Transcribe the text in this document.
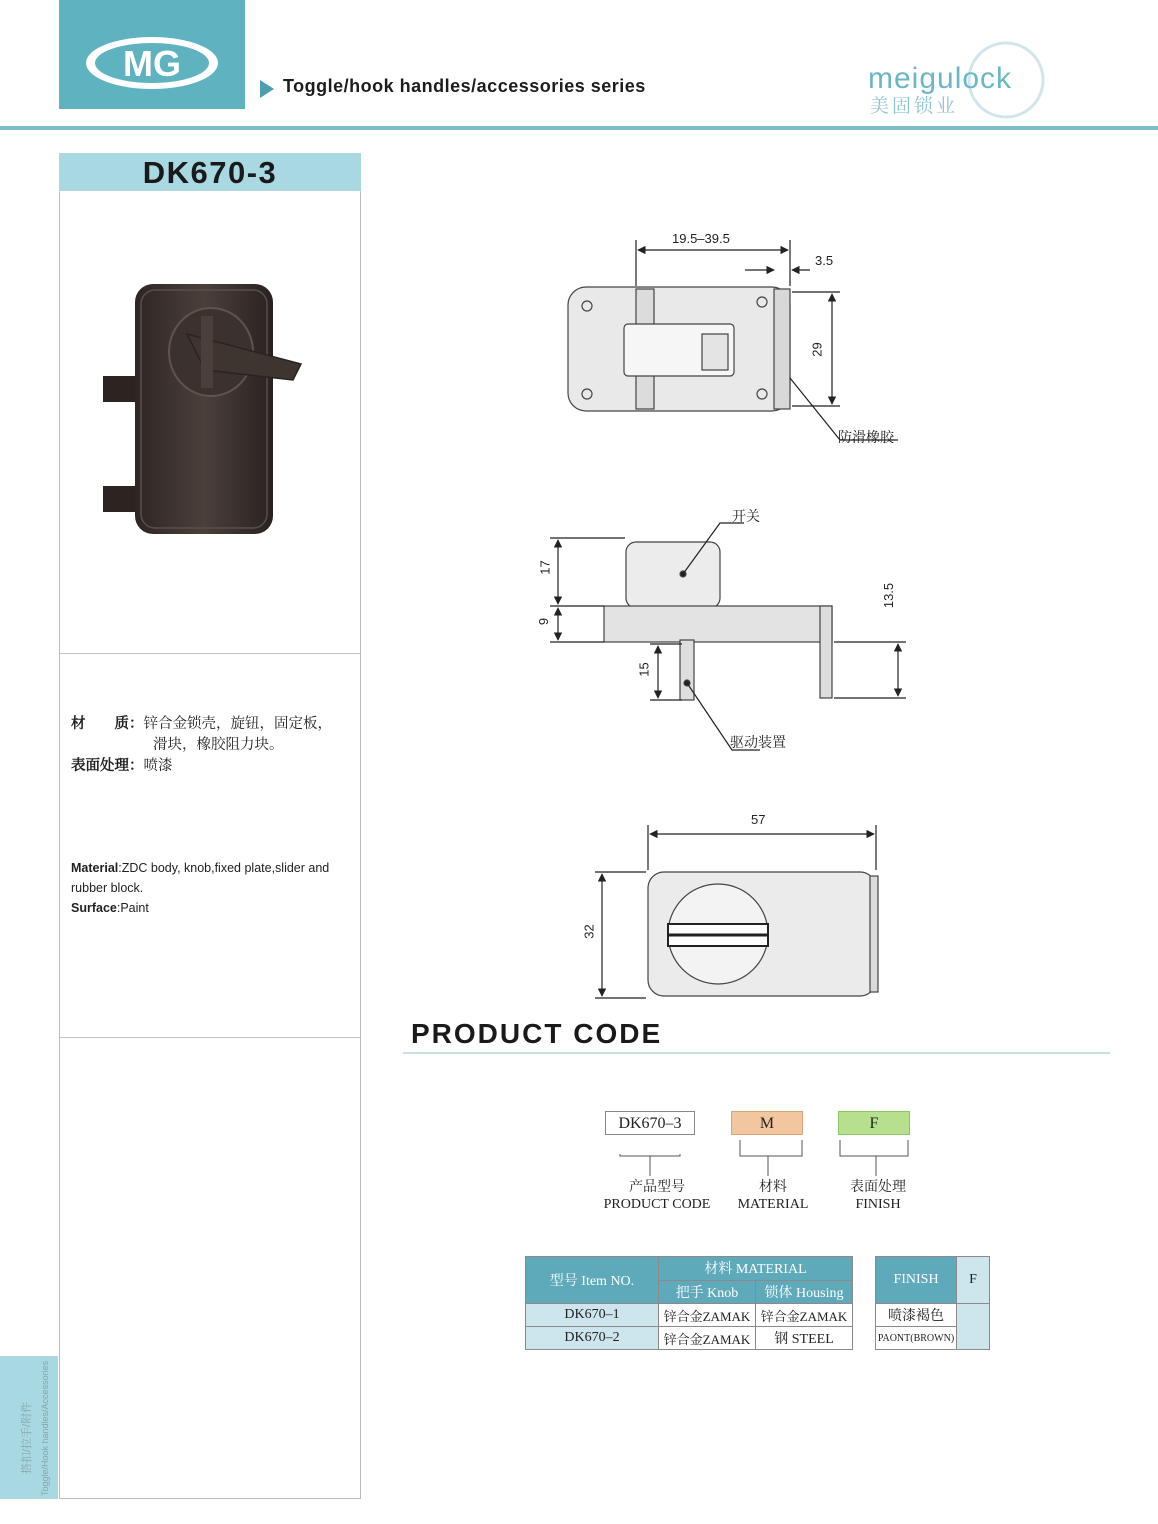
MG
Toggle/hook handles/accessories series	meigulock
美固锁业
DK670-3
材　　质：锌合金锁壳，旋钮，固定板，
滑块，橡胶阻力块。
表面处理：喷漆
Material:ZDC body, knob,fixed plate,slider and
rubber block.
Surface:Paint
搭扣/拉手/附件 Toggle/Hook handles/Accessories
19.5–39.5
3.5
29
防滑橡胶
开关
17
9
13.5
15
驱动装置
57
32
PRODUCT CODE
DK670–3	M	F
产品型号
PRODUCT CODE
材料
MATERIAL
表面处理
FINISH
型号 Item NO.	材料 MATERIAL	
	把手 Knob	锁体 Housing
DK670–1	锌合金ZAMAK	锌合金ZAMAK
DK670–2	锌合金ZAMAK	钢 STEEL
FINISH	F
喷漆褐色	
PAONT(BROWN)	
